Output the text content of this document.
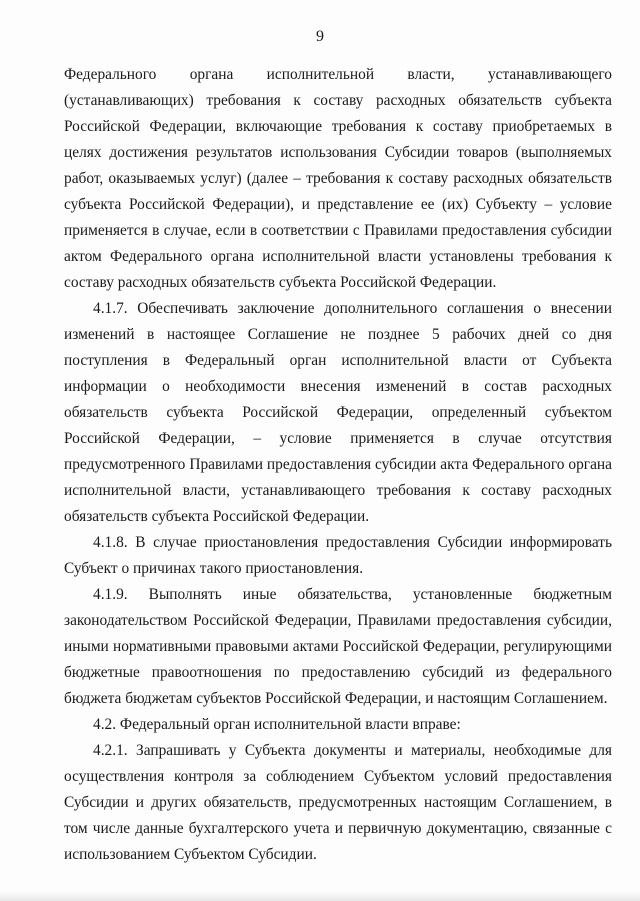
9

Федерального органа исполнительной власти, устанавливающего (устанавливающих) требования к составу расходных обязательств субъекта Российской Федерации, включающие требования к составу приобретаемых в целях достижения результатов использования Субсидии товаров (выполняемых работ, оказываемых услуг) (далее – требования к составу расходных обязательств субъекта Российской Федерации), и представление ее (их) Субъекту – условие применяется в случае, если в соответствии с Правилами предоставления субсидии актом Федерального органа исполнительной власти установлены требования к составу расходных обязательств субъекта Российской Федерации.

4.1.7. Обеспечивать заключение дополнительного соглашения о внесении изменений в настоящее Соглашение не позднее 5 рабочих дней со дня поступления в Федеральный орган исполнительной власти от Субъекта информации о необходимости внесения изменений в состав расходных обязательств субъекта Российской Федерации, определенный субъектом Российской Федерации, – условие применяется в случае отсутствия предусмотренного Правилами предоставления субсидии акта Федерального органа исполнительной власти, устанавливающего требования к составу расходных обязательств субъекта Российской Федерации.

4.1.8. В случае приостановления предоставления Субсидии информировать Субъект о причинах такого приостановления.

4.1.9. Выполнять иные обязательства, установленные бюджетным законодательством Российской Федерации, Правилами предоставления субсидии, иными нормативными правовыми актами Российской Федерации, регулирующими бюджетные правоотношения по предоставлению субсидий из федерального бюджета бюджетам субъектов Российской Федерации, и настоящим Соглашением.

4.2. Федеральный орган исполнительной власти вправе:

4.2.1. Запрашивать у Субъекта документы и материалы, необходимые для осуществления контроля за соблюдением Субъектом условий предоставления Субсидии и других обязательств, предусмотренных настоящим Соглашением, в том числе данные бухгалтерского учета и первичную документацию, связанные с использованием Субъектом Субсидии.
